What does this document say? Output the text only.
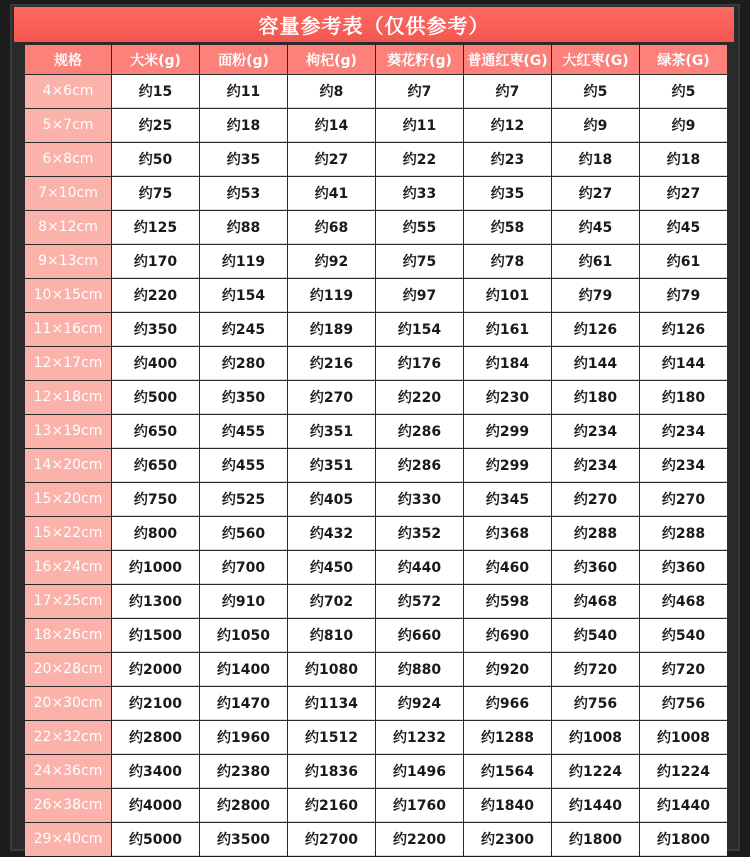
容量参考表（仅供参考）
规格	大米(g)	面粉(g)	枸杞(g)	葵花籽(g)	普通红枣(G)	大红枣(G)	绿茶(G)
4×6cm	约15	约11	约8	约7	约7	约5	约5
5×7cm	约25	约18	约14	约11	约12	约9	约9
6×8cm	约50	约35	约27	约22	约23	约18	约18
7×10cm	约75	约53	约41	约33	约35	约27	约27
8×12cm	约125	约88	约68	约55	约58	约45	约45
9×13cm	约170	约119	约92	约75	约78	约61	约61
10×15cm	约220	约154	约119	约97	约101	约79	约79
11×16cm	约350	约245	约189	约154	约161	约126	约126
12×17cm	约400	约280	约216	约176	约184	约144	约144
12×18cm	约500	约350	约270	约220	约230	约180	约180
13×19cm	约650	约455	约351	约286	约299	约234	约234
14×20cm	约650	约455	约351	约286	约299	约234	约234
15×20cm	约750	约525	约405	约330	约345	约270	约270
15×22cm	约800	约560	约432	约352	约368	约288	约288
16×24cm	约1000	约700	约450	约440	约460	约360	约360
17×25cm	约1300	约910	约702	约572	约598	约468	约468
18×26cm	约1500	约1050	约810	约660	约690	约540	约540
20×28cm	约2000	约1400	约1080	约880	约920	约720	约720
20×30cm	约2100	约1470	约1134	约924	约966	约756	约756
22×32cm	约2800	约1960	约1512	约1232	约1288	约1008	约1008
24×36cm	约3400	约2380	约1836	约1496	约1564	约1224	约1224
26×38cm	约4000	约2800	约2160	约1760	约1840	约1440	约1440
29×40cm	约5000	约3500	约2700	约2200	约2300	约1800	约1800
